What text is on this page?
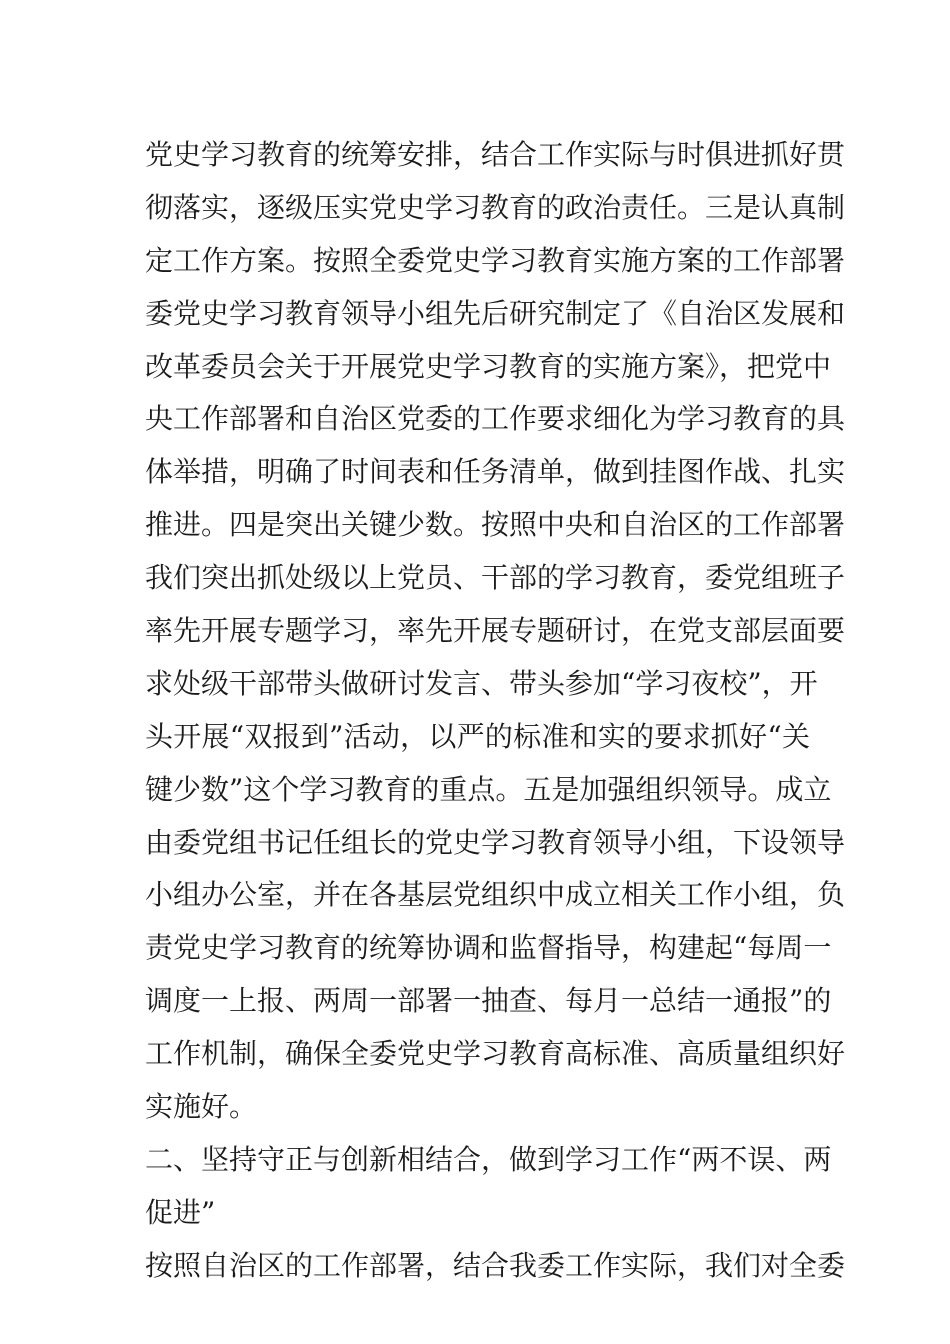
党史学习教育的统筹安排，结合工作实际与时俱进抓好贯
彻落实，逐级压实党史学习教育的政治责任。三是认真制
定工作方案。按照全委党史学习教育实施方案的工作部署
委党史学习教育领导小组先后研究制定了《自治区发展和
改革委员会关于开展党史学习教育的实施方案》，把党中
央工作部署和自治区党委的工作要求细化为学习教育的具
体举措，明确了时间表和任务清单，做到挂图作战、扎实
推进。四是突出关键少数。按照中央和自治区的工作部署
我们突出抓处级以上党员、干部的学习教育，委党组班子
率先开展专题学习，率先开展专题研讨，在党支部层面要
求处级干部带头做研讨发言、带头参加“学习夜校”，开
头开展“双报到”活动，以严的标准和实的要求抓好“关
键少数”这个学习教育的重点。五是加强组织领导。成立
由委党组书记任组长的党史学习教育领导小组，下设领导
小组办公室，并在各基层党组织中成立相关工作小组，负
责党史学习教育的统筹协调和监督指导，构建起“每周一
调度一上报、两周一部署一抽查、每月一总结一通报”的
工作机制，确保全委党史学习教育高标准、高质量组织好
实施好。
二、坚持守正与创新相结合，做到学习工作“两不误、两
促进”
按照自治区的工作部署，结合我委工作实际，我们对全委
